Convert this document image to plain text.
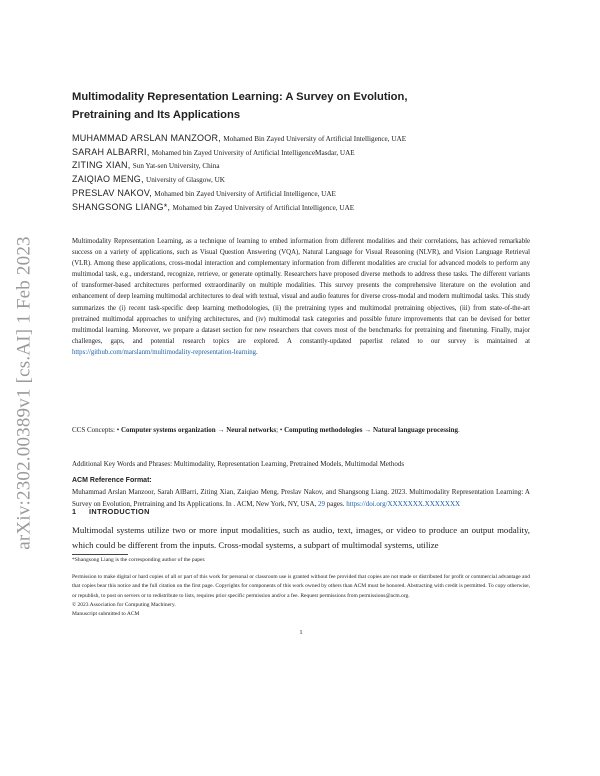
arXiv:2302.00389v1 [cs.AI] 1 Feb 2023
Multimodality Representation Learning: A Survey on Evolution, Pretraining and Its Applications
MUHAMMAD ARSLAN MANZOOR, Mohamed Bin Zayed University of Artificial Intelligence, UAE
SARAH ALBARRI, Mohamed bin Zayed University of Artificial IntelligenceMasdar, UAE
ZITING XIAN, Sun Yat-sen University, China
ZAIQIAO MENG, University of Glasgow, UK
PRESLAV NAKOV, Mohamed bin Zayed University of Artificial Intelligence, UAE
SHANGSONG LIANG*, Mohamed bin Zayed University of Artificial Intelligence, UAE
Multimodality Representation Learning, as a technique of learning to embed information from different modalities and their correlations, has achieved remarkable success on a variety of applications, such as Visual Question Answering (VQA), Natural Language for Visual Reasoning (NLVR), and Vision Language Retrieval (VLR). Among these applications, cross-modal interaction and complementary information from different modalities are crucial for advanced models to perform any multimodal task, e.g., understand, recognize, retrieve, or generate optimally. Researchers have proposed diverse methods to address these tasks. The different variants of transformer-based architectures performed extraordinarily on multiple modalities. This survey presents the comprehensive literature on the evolution and enhancement of deep learning multimodal architectures to deal with textual, visual and audio features for diverse cross-modal and modern multimodal tasks. This study summarizes the (i) recent task-specific deep learning methodologies, (ii) the pretraining types and multimodal pretraining objectives, (iii) from state-of-the-art pretrained multimodal approaches to unifying architectures, and (iv) multimodal task categories and possible future improvements that can be devised for better multimodal learning. Moreover, we prepare a dataset section for new researchers that covers most of the benchmarks for pretraining and finetuning. Finally, major challenges, gaps, and potential research topics are explored. A constantly-updated paperlist related to our survey is maintained at https://github.com/marslanm/multimodality-representation-learning.
CCS Concepts: • Computer systems organization → Neural networks; • Computing methodologies → Natural language processing.
Additional Key Words and Phrases: Multimodality, Representation Learning, Pretrained Models, Multimodal Methods
ACM Reference Format:
Muhammad Arslan Manzoor, Sarah AlBarri, Ziting Xian, Zaiqiao Meng, Preslav Nakov, and Shangsong Liang. 2023. Multimodality Representation Learning: A Survey on Evolution, Pretraining and Its Applications. In . ACM, New York, NY, USA, 29 pages. https://doi.org/XXXXXXX.XXXXXXX
1 INTRODUCTION
Multimodal systems utilize two or more input modalities, such as audio, text, images, or video to produce an output modality, which could be different from the inputs. Cross-modal systems, a subpart of multimodal systems, utilize
*Shangsong Liang is the corresponding author of the paper.
Permission to make digital or hard copies of all or part of this work for personal or classroom use is granted without fee provided that copies are not made or distributed for profit or commercial advantage and that copies bear this notice and the full citation on the first page. Copyrights for components of this work owned by others than ACM must be honored. Abstracting with credit is permitted. To copy otherwise, or republish, to post on servers or to redistribute to lists, requires prior specific permission and/or a fee. Request permissions from permissions@acm.org.
© 2023 Association for Computing Machinery.
Manuscript submitted to ACM
1
